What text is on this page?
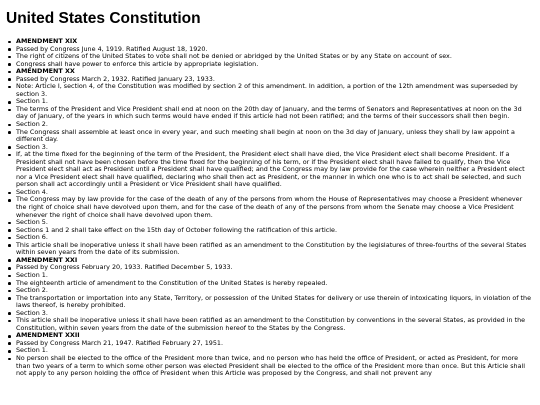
United States Constitution
AMENDMENT XIX
Passed by Congress June 4, 1919. Ratified August 18, 1920.
The right of citizens of the United States to vote shall not be denied or abridged by the United States or by any State on account of sex.
Congress shall have power to enforce this article by appropriate legislation.
AMENDMENT XX
Passed by Congress March 2, 1932. Ratified January 23, 1933.
Note: Article I, section 4, of the Constitution was modified by section 2 of this amendment. In addition, a portion of the 12th amendment was superseded by section 3.
Section 1.
The terms of the President and Vice President shall end at noon on the 20th day of January, and the terms of Senators and Representatives at noon on the 3d day of January, of the years in which such terms would have ended if this article had not been ratified; and the terms of their successors shall then begin.
Section 2.
The Congress shall assemble at least once in every year, and such meeting shall begin at noon on the 3d day of January, unless they shall by law appoint a different day.
Section 3.
If, at the time fixed for the beginning of the term of the President, the President elect shall have died, the Vice President elect shall become President. If a President shall not have been chosen before the time fixed for the beginning of his term, or if the President elect shall have failed to qualify, then the Vice President elect shall act as President until a President shall have qualified; and the Congress may by law provide for the case wherein neither a President elect nor a Vice President elect shall have qualified, declaring who shall then act as President, or the manner in which one who is to act shall be selected, and such person shall act accordingly until a President or Vice President shall have qualified.
Section 4.
The Congress may by law provide for the case of the death of any of the persons from whom the House of Representatives may choose a President whenever the right of choice shall have devolved upon them, and for the case of the death of any of the persons from whom the Senate may choose a Vice President whenever the right of choice shall have devolved upon them.
Section 5.
Sections 1 and 2 shall take effect on the 15th day of October following the ratification of this article.
Section 6.
This article shall be inoperative unless it shall have been ratified as an amendment to the Constitution by the legislatures of three-fourths of the several States within seven years from the date of its submission.
AMENDMENT XXI
Passed by Congress February 20, 1933. Ratified December 5, 1933.
Section 1.
The eighteenth article of amendment to the Constitution of the United States is hereby repealed.
Section 2.
The transportation or importation into any State, Territory, or possession of the United States for delivery or use therein of intoxicating liquors, in violation of the laws thereof, is hereby prohibited.
Section 3.
This article shall be inoperative unless it shall have been ratified as an amendment to the Constitution by conventions in the several States, as provided in the Constitution, within seven years from the date of the submission hereof to the States by the Congress.
AMENDMENT XXII
Passed by Congress March 21, 1947. Ratified February 27, 1951.
Section 1.
No person shall be elected to the office of the President more than twice, and no person who has held the office of President, or acted as President, for more than two years of a term to which some other person was elected President shall be elected to the office of the President more than once. But this Article shall not apply to any person holding the office of President when this Article was proposed by the Congress, and shall not prevent any
